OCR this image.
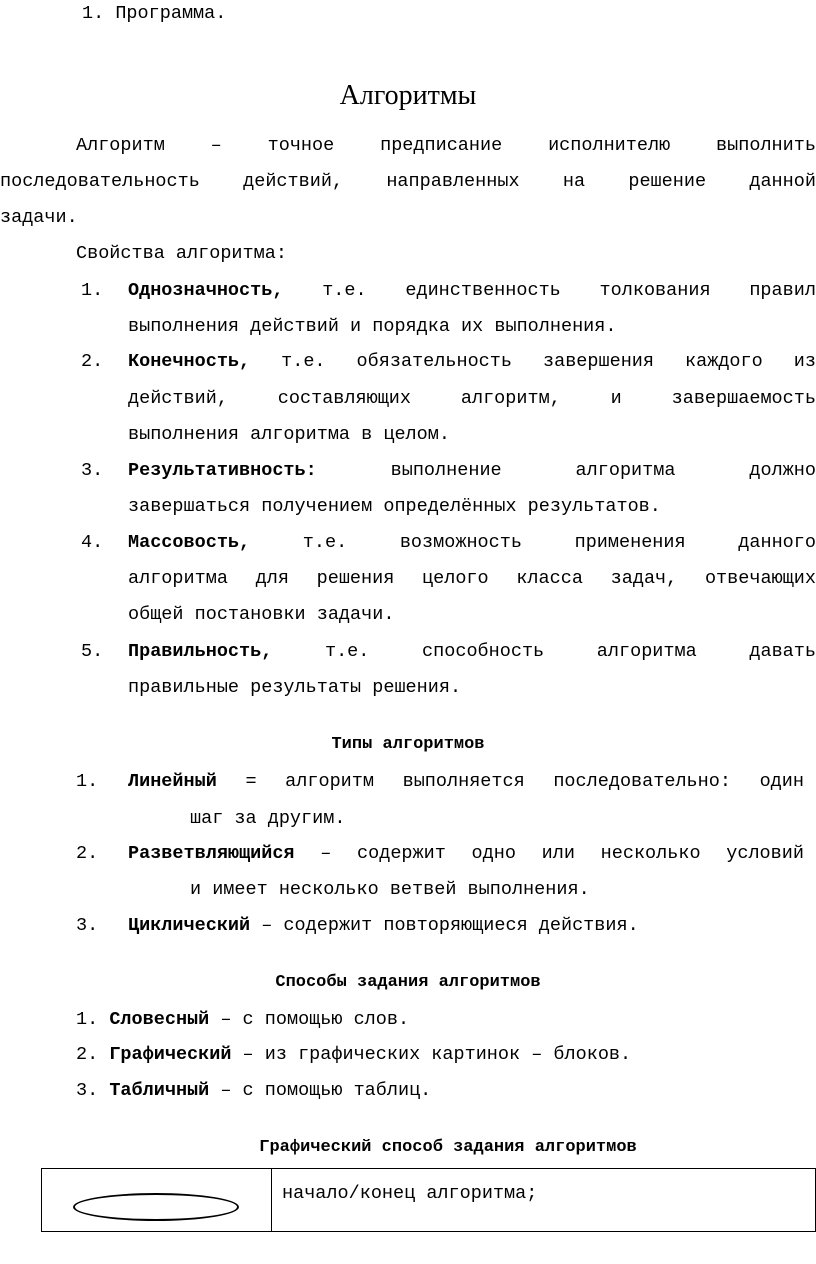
1. Программа.
Алгоритмы
Алгоритм – точное предписание исполнителю выполнить
последовательность действий, направленных на решение данной
задачи.
Свойства алгоритма:
1. Однозначность, т.е. единственность толкования правил
выполнения действий и порядка их выполнения.
2. Конечность, т.е. обязательность завершения каждого из
действий,	составляющих	алгоритм,	и	завершаемость
выполнения алгоритма в целом.
3. Результативность:	выполнение	алгоритма	должно
завершаться получением определённых результатов.
4. Массовость,	т.е.	возможность	применения	данного
алгоритма для решения целого класса задач, отвечающих
общей постановки задачи.
5. Правильность,	т.е.	способность	алгоритма	давать
правильные результаты решения.
Типы алгоритмов
1. Линейный = алгоритм выполняется последовательно: один
шаг за другим.
2. Разветвляющийся – содержит одно или несколько условий
и имеет несколько ветвей выполнения.
3. Циклический – содержит повторяющиеся действия.
Способы задания алгоритмов
1. Словесный – с помощью слов.
2. Графический – из графических картинок – блоков.
3. Табличный – с помощью таблиц.
Графический способ задания алгоритмов

начало/конец алгоритма;
